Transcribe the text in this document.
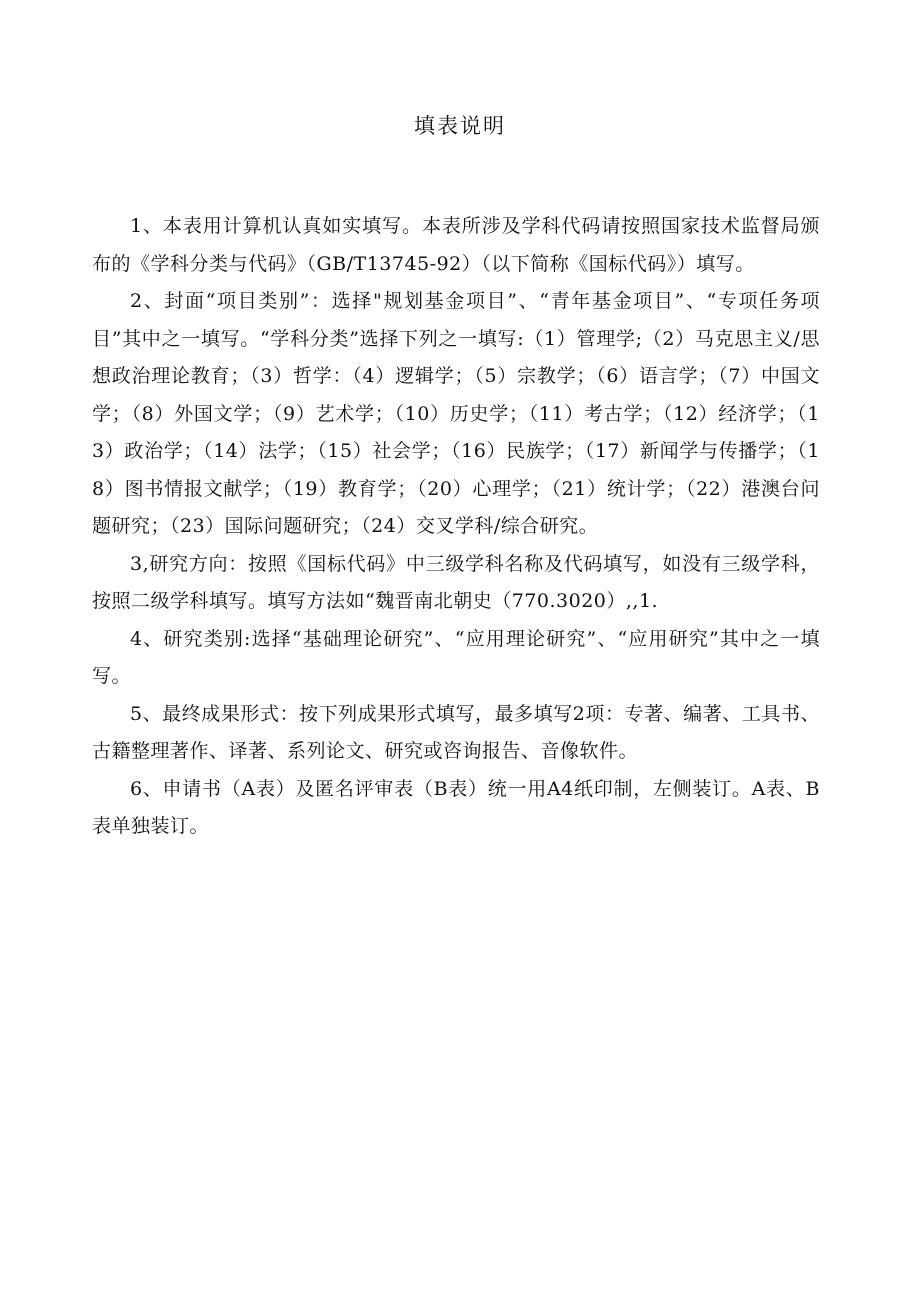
填表说明

1、本表用计算机认真如实填写。本表所涉及学科代码请按照国家技术监督局颁布的《学科分类与代码》（GB/T13745-92）（以下简称《国标代码》）填写。

2、封面“项目类别”：选择"规划基金项目”、“青年基金项目”、“专项任务项目”其中之一填写。“学科分类”选择下列之一填写:（1）管理学;（2）马克思主义/思想政治理论教育；（3）哲学：（4）逻辑学；（5）宗教学；（6）语言学；（7）中国文学；（8）外国文学；（9）艺术学；（10）历史学；（11）考古学；（12）经济学；（13）政治学；（14）法学；（15）社会学；（16）民族学；（17）新闻学与传播学；（18）图书情报文献学；（19）教育学；（20）心理学；（21）统计学；（22）港澳台问题研究；（23）国际问题研究；（24）交叉学科/综合研究。

3,研究方向：按照《国标代码》中三级学科名称及代码填写，如没有三级学科，按照二级学科填写。填写方法如“魏晋南北朝史（770.3020）,,1.

4、研究类别:选择“基础理论研究”、“应用理论研究”、“应用研究”其中之一填写。

5、最终成果形式：按下列成果形式填写，最多填写2项：专著、编著、工具书、古籍整理著作、译著、系列论文、研究或咨询报告、音像软件。

6、申请书（A表）及匿名评审表（B表）统一用A4纸印制，左侧装订。A表、B表单独装订。
